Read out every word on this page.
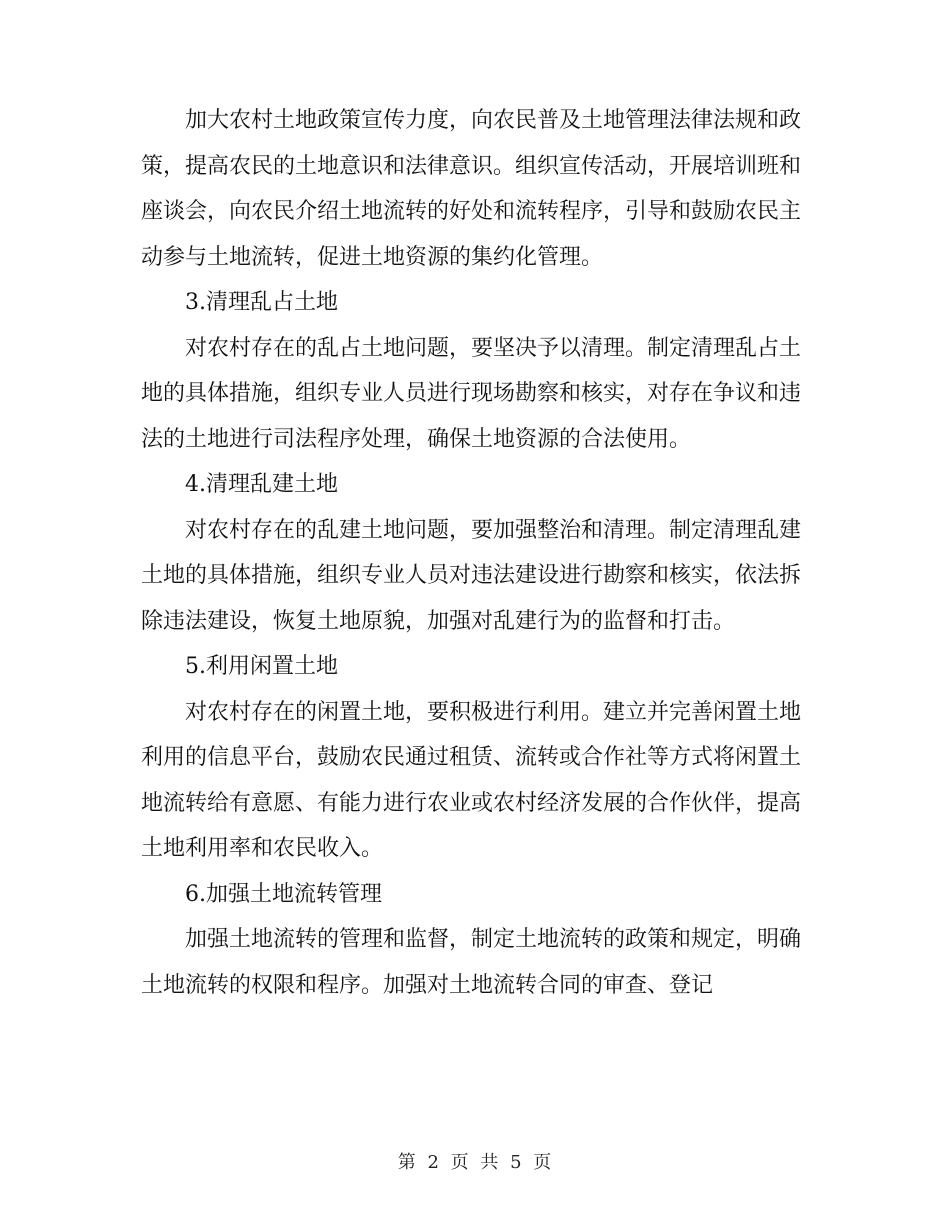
加大农村土地政策宣传力度，向农民普及土地管理法律法规和政策，提高农民的土地意识和法律意识。组织宣传活动，开展培训班和座谈会，向农民介绍土地流转的好处和流转程序，引导和鼓励农民主动参与土地流转，促进土地资源的集约化管理。

3.清理乱占土地

对农村存在的乱占土地问题，要坚决予以清理。制定清理乱占土地的具体措施，组织专业人员进行现场勘察和核实，对存在争议和违法的土地进行司法程序处理，确保土地资源的合法使用。

4.清理乱建土地

对农村存在的乱建土地问题，要加强整治和清理。制定清理乱建土地的具体措施，组织专业人员对违法建设进行勘察和核实，依法拆除违法建设，恢复土地原貌，加强对乱建行为的监督和打击。

5.利用闲置土地

对农村存在的闲置土地，要积极进行利用。建立并完善闲置土地利用的信息平台，鼓励农民通过租赁、流转或合作社等方式将闲置土地流转给有意愿、有能力进行农业或农村经济发展的合作伙伴，提高土地利用率和农民收入。

6.加强土地流转管理

加强土地流转的管理和监督，制定土地流转的政策和规定，明确土地流转的权限和程序。加强对土地流转合同的审查、登记

第 2 页 共 5 页
